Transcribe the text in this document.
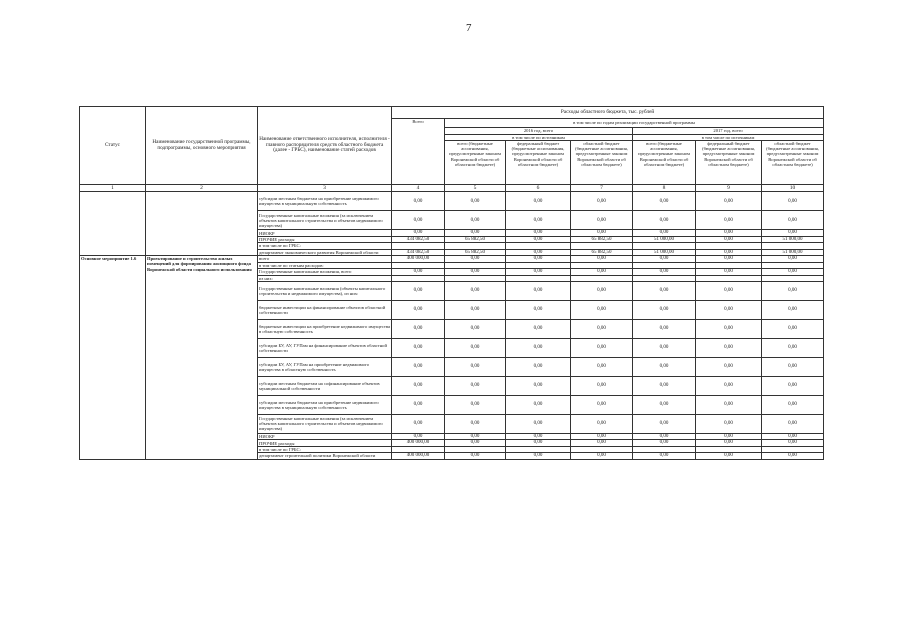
7
Статус	Наименование государственной программы, подпрограммы, основного мероприятия	Наименование ответственного исполнителя, исполнителя - главного распорядителя средств областного бюджета (далее - ГРБС), наименование статей расходов	Расходы областного бюджета, тыс. рублей						
			Всего	в том числе по годам реализации государственной программы					
				2016 год, всего			2017 год, всего		
				в том числе по источникам			в том числе по источникам		
				всего (бюджетные ассигнования, предусмотренные законом Воронежской области об областном бюджете)	федеральный бюджет (бюджетные ассигнования, предусмотренные законом Воронежской области об областном бюджете)	областной бюджет (бюджетные ассигнования, предусмотренные законом Воронежской области об областном бюджете)	всего (бюджетные ассигнования, предусмотренные законом Воронежской области об областном бюджете)	федеральный бюджет (бюджетные ассигнования, предусмотренные законом Воронежской области об областном бюджете)	областной бюджет (бюджетные ассигнования, предусмотренные законом Воронежской области об областном бюджете)
1	2	3	4	5	6	7	8	9	10
		субсидии местным бюджетам на приобретение недвижимого имущества в муниципальную собственность	0,00	0,00	0,00	0,00	0,00	0,00	0,00
		Государственные капитальные вложения (за исключением объектов капитального строительства и объектов недвижимого имущества)	0,00	0,00	0,00	0,00	0,00	0,00	0,00
		НИОКР	0,00	0,00	0,00	0,00	0,00	0,00	0,00
		ПРОЧИЕ расходы	434 082,50	65 882,50	0,00	65 882,50	51 000,00	0,00	51 000,00
		в том числе по ГРБС:							
		департамент экономического развития Воронежской области	434 082,50	65 882,50	0,00	65 882,50	51 000,00	0,00	51 000,00
Основное мероприятие 1.6	Проектирование и строительство жилых помещений для формирования жилищного фонда Воронежской области социального использования	всего	400 000,00	0,00	0,00	0,00	0,00	0,00	0,00
		в том числе по статьям расходов:							
		Государственные капитальные вложения, всего	0,00	0,00	0,00	0,00	0,00	0,00	0,00
		из них:							
		Государственные капитальные вложения (объекты капитального строительства и недвижимого имущества), из них:	0,00	0,00	0,00	0,00	0,00	0,00	0,00
		бюджетные инвестиции на финансирование объектов областной собственности	0,00	0,00	0,00	0,00	0,00	0,00	0,00
		бюджетные инвестиции на приобретение недвижимого имущества в областную собственность	0,00	0,00	0,00	0,00	0,00	0,00	0,00
		субсидии БУ, АУ, ГУПам на финансирование объектов областной собственности	0,00	0,00	0,00	0,00	0,00	0,00	0,00
		субсидии БУ, АУ, ГУПам на приобретение недвижимого имущества в областную собственность	0,00	0,00	0,00	0,00	0,00	0,00	0,00
		субсидии местным бюджетам на софинансирование объектов муниципальной собственности	0,00	0,00	0,00	0,00	0,00	0,00	0,00
		субсидии местным бюджетам на приобретение недвижимого имущества в муниципальную собственность	0,00	0,00	0,00	0,00	0,00	0,00	0,00
		Государственные капитальные вложения (за исключением объектов капитального строительства и объектов недвижимого имущества)	0,00	0,00	0,00	0,00	0,00	0,00	0,00
		НИОКР	0,00	0,00	0,00	0,00	0,00	0,00	0,00
		ПРОЧИЕ расходы	400 000,00	0,00	0,00	0,00	0,00	0,00	0,00
		в том числе по ГРБС:							
		департамент строительной политики Воронежской области	400 000,00	0,00	0,00	0,00	0,00	0,00	0,00
